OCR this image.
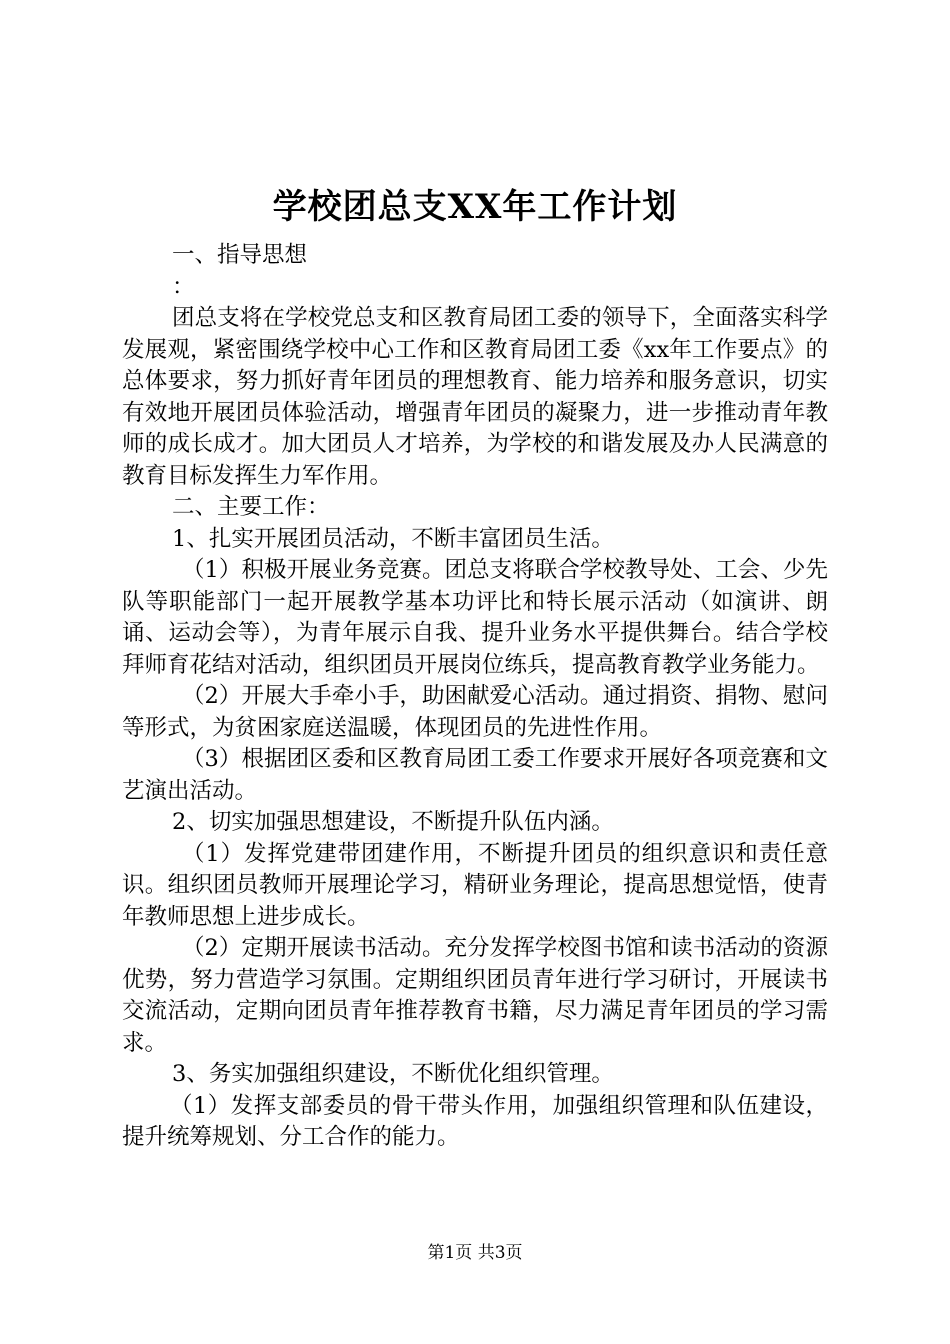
学校团总支XX年工作计划

一、指导思想

：

团总支将在学校党总支和区教育局团工委的领导下，全面落实科学发展观，紧密围绕学校中心工作和区教育局团工委《xx年工作要点》的总体要求，努力抓好青年团员的理想教育、能力培养和服务意识，切实有效地开展团员体验活动，增强青年团员的凝聚力，进一步推动青年教师的成长成才。加大团员人才培养，为学校的和谐发展及办人民满意的教育目标发挥生力军作用。

二、主要工作：

1、扎实开展团员活动，不断丰富团员生活。

（1）积极开展业务竞赛。团总支将联合学校教导处、工会、少先队等职能部门一起开展教学基本功评比和特长展示活动（如演讲、朗诵、运动会等），为青年展示自我、提升业务水平提供舞台。结合学校拜师育花结对活动，组织团员开展岗位练兵，提高教育教学业务能力。

（2）开展大手牵小手，助困献爱心活动。通过捐资、捐物、慰问等形式，为贫困家庭送温暖，体现团员的先进性作用。

（3）根据团区委和区教育局团工委工作要求开展好各项竞赛和文艺演出活动。

2、切实加强思想建设，不断提升队伍内涵。

（1）发挥党建带团建作用，不断提升团员的组织意识和责任意识。组织团员教师开展理论学习，精研业务理论，提高思想觉悟，使青年教师思想上进步成长。

（2）定期开展读书活动。充分发挥学校图书馆和读书活动的资源优势，努力营造学习氛围。定期组织团员青年进行学习研讨，开展读书交流活动，定期向团员青年推荐教育书籍，尽力满足青年团员的学习需求。

3、务实加强组织建设，不断优化组织管理。

（1）发挥支部委员的骨干带头作用，加强组织管理和队伍建设，提升统筹规划、分工合作的能力。

第1页 共3页
